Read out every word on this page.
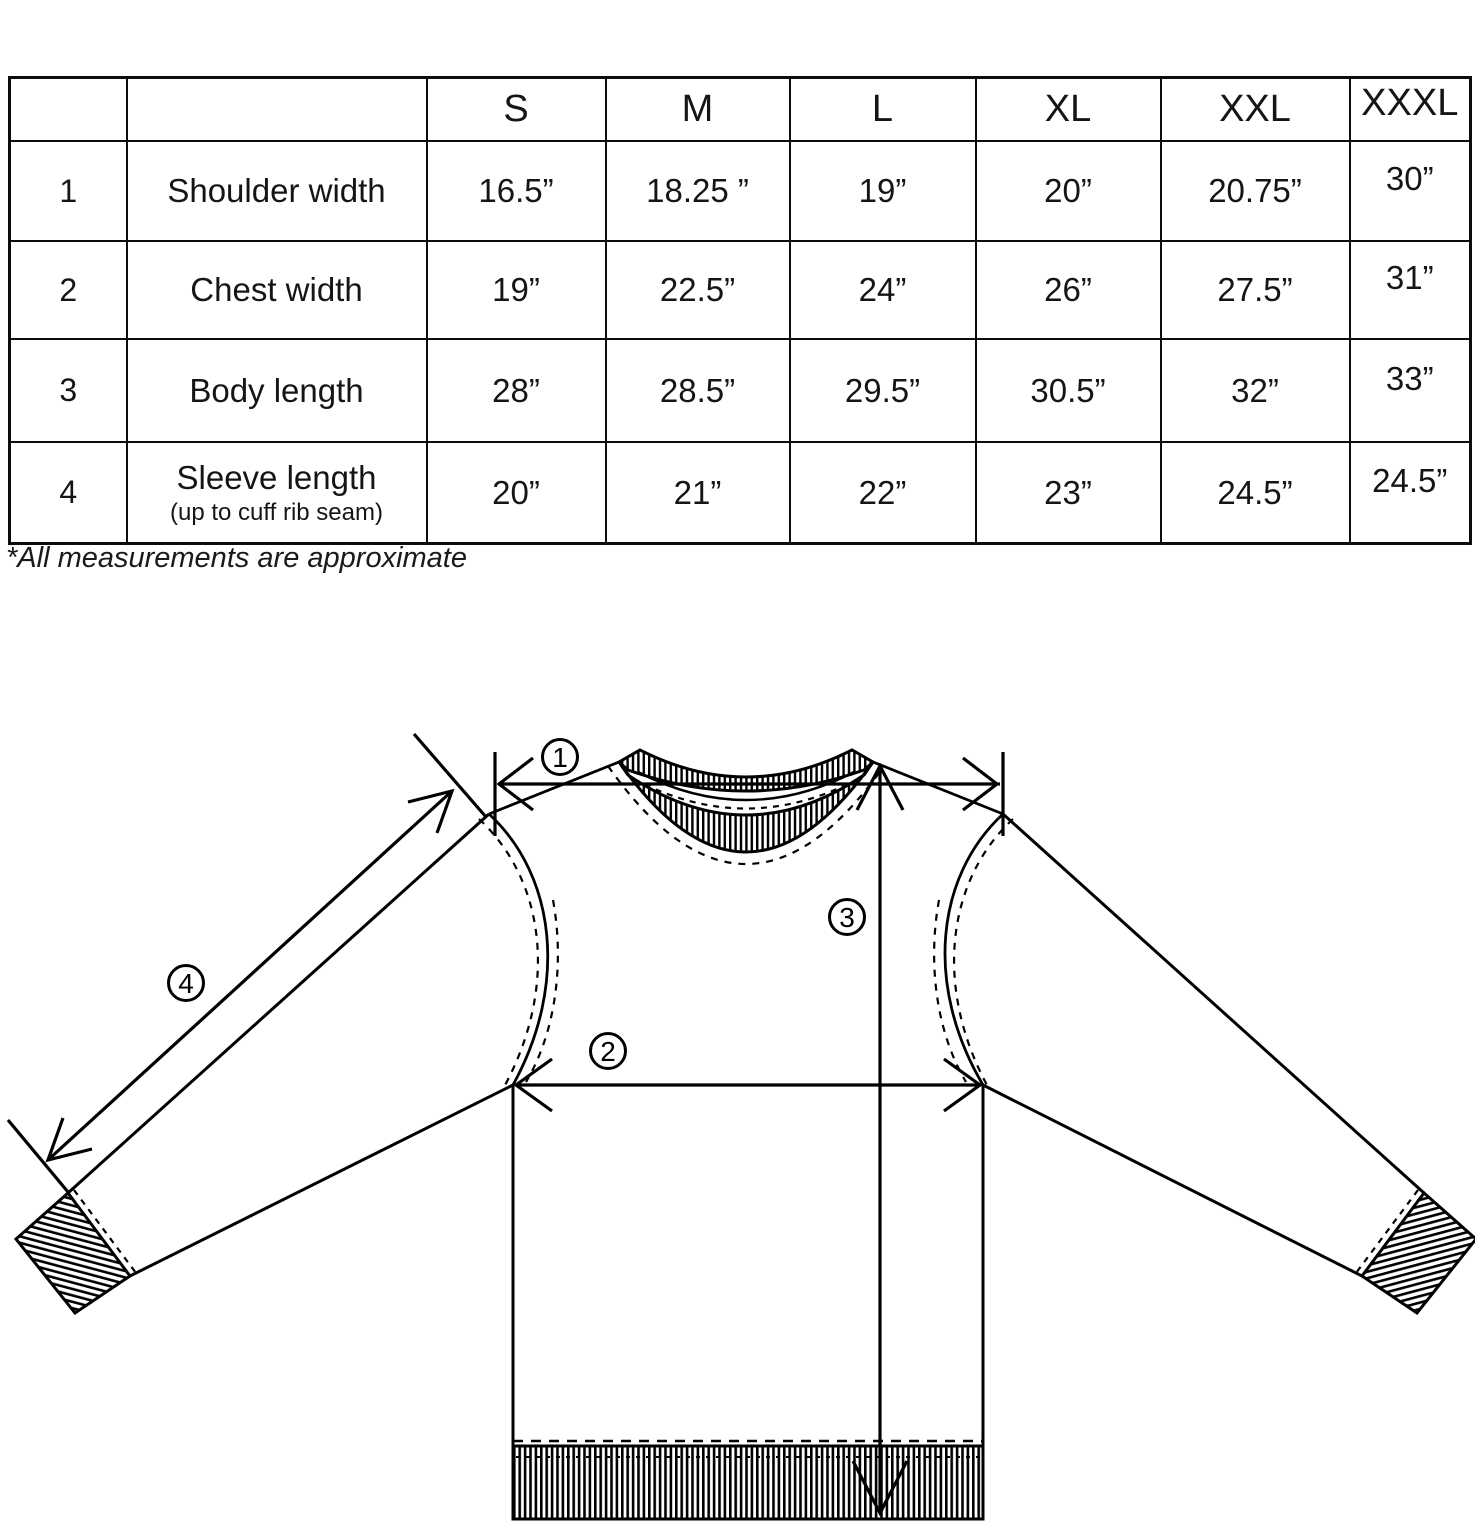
		S	M	L	XL	XXL	XXXL
1	Shoulder width	16.5”	18.25 ”	19”	20”	20.75”	30”
2	Chest width	19”	22.5”	24”	26”	27.5”	31”
3	Body length	28”	28.5”	29.5”	30.5”	32”	33”
4	Sleeve length
(up to cuff rib seam)	20”	21”	22”	23”	24.5”	24.5”
*All measurements are approximate
1
2
3
4
